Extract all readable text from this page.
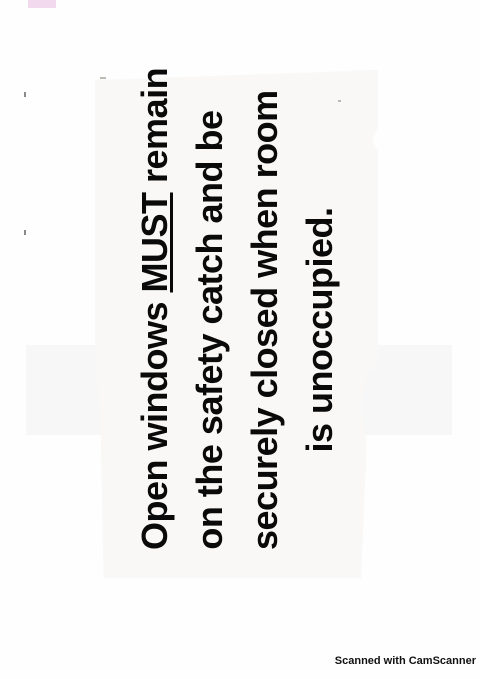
Open windows MUST remain on the safety catch and be securely closed when room is unoccupied.
Scanned with CamScanner
